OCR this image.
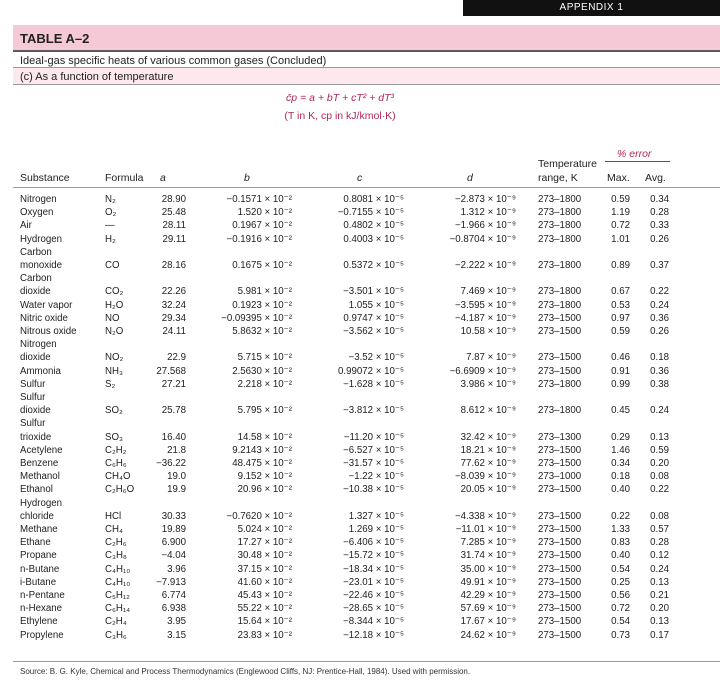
APPENDIX 1
TABLE A–2
Ideal-gas specific heats of various common gases (Concluded)
(c) As a function of temperature
c̄p = a + bT + cT² + dT³
(T in K, cp in kJ/kmol·K)
% error
Temperature
Substance	Formula a	b	c	d	range, K	Max. Avg.
Nitrogen	N₂	28.90	−0.1571 × 10⁻²	0.8081 × 10⁻⁵	−2.873 × 10⁻⁹ 273–1800	0.59	0.34
Oxygen	O₂	25.48	1.520 × 10⁻²	−0.7155 × 10⁻⁵	1.312 × 10⁻⁹ 273–1800	1.19	0.28
Air	—	28.11	0.1967 × 10⁻²	0.4802 × 10⁻⁵	−1.966 × 10⁻⁹ 273–1800	0.72	0.33
Hydrogen	H₂	29.11	−0.1916 × 10⁻²	0.4003 × 10⁻⁵	−0.8704 × 10⁻⁹ 273–1800	1.01	0.26
Carbon
monoxide	CO	28.16	0.1675 × 10⁻²	0.5372 × 10⁻⁵	−2.222 × 10⁻⁹ 273–1800	0.89	0.37
Carbon
dioxide	CO₂	22.26	5.981 × 10⁻²	−3.501 × 10⁻⁵	7.469 × 10⁻⁹ 273–1800	0.67	0.22
Water vapor	H₂O	32.24	0.1923 × 10⁻²	1.055 × 10⁻⁵	−3.595 × 10⁻⁹ 273–1800	0.53	0.24
Nitric oxide	NO	29.34	−0.09395 × 10⁻²	0.9747 × 10⁻⁵	−4.187 × 10⁻⁹ 273–1500	0.97	0.36
Nitrous oxide	N₂O	24.11	5.8632 × 10⁻²	−3.562 × 10⁻⁵	10.58 × 10⁻⁹ 273–1500	0.59	0.26
Nitrogen
dioxide	NO₂	22.9	5.715 × 10⁻²	−3.52 × 10⁻⁵	7.87 × 10⁻⁹ 273–1500	0.46	0.18
Ammonia	NH₃	27.568	2.5630 × 10⁻²	0.99072 × 10⁻⁵	−6.6909 × 10⁻⁹ 273–1500	0.91	0.36
Sulfur	S₂	27.21	2.218 × 10⁻²	−1.628 × 10⁻⁵	3.986 × 10⁻⁹ 273–1800	0.99	0.38
Sulfur
dioxide	SO₂	25.78	5.795 × 10⁻²	−3.812 × 10⁻⁵	8.612 × 10⁻⁹ 273–1800	0.45	0.24
Sulfur
trioxide	SO₃	16.40	14.58 × 10⁻²	−11.20 × 10⁻⁵	32.42 × 10⁻⁹ 273–1300	0.29	0.13
Acetylene	C₂H₂	21.8	9.2143 × 10⁻²	−6.527 × 10⁻⁵	18.21 × 10⁻⁹ 273–1500	1.46	0.59
Benzene	C₆H₆	−36.22	48.475 × 10⁻²	−31.57 × 10⁻⁵	77.62 × 10⁻⁹ 273–1500	0.34	0.20
Methanol	CH₄O	19.0	9.152 × 10⁻²	−1.22 × 10⁻⁵	−8.039 × 10⁻⁹ 273–1000	0.18	0.08
Ethanol	C₂H₆O	19.9	20.96 × 10⁻²	−10.38 × 10⁻⁵	20.05 × 10⁻⁹ 273–1500	0.40	0.22
Hydrogen
chloride	HCl	30.33	−0.7620 × 10⁻²	1.327 × 10⁻⁵	−4.338 × 10⁻⁹ 273–1500	0.22	0.08
Methane	CH₄	19.89	5.024 × 10⁻²	1.269 × 10⁻⁵	−11.01 × 10⁻⁹ 273–1500	1.33	0.57
Ethane	C₂H₆	6.900	17.27 × 10⁻²	−6.406 × 10⁻⁵	7.285 × 10⁻⁹ 273–1500	0.83	0.28
Propane	C₃H₈	−4.04	30.48 × 10⁻²	−15.72 × 10⁻⁵	31.74 × 10⁻⁹ 273–1500	0.40	0.12
n-Butane	C₄H₁₀	3.96	37.15 × 10⁻²	−18.34 × 10⁻⁵	35.00 × 10⁻⁹ 273–1500	0.54	0.24
i-Butane	C₄H₁₀	−7.913	41.60 × 10⁻²	−23.01 × 10⁻⁵	49.91 × 10⁻⁹ 273–1500	0.25	0.13
n-Pentane	C₅H₁₂	6.774	45.43 × 10⁻²	−22.46 × 10⁻⁵	42.29 × 10⁻⁹ 273–1500	0.56	0.21
n-Hexane	C₆H₁₄	6.938	55.22 × 10⁻²	−28.65 × 10⁻⁵	57.69 × 10⁻⁹ 273–1500	0.72	0.20
Ethylene	C₂H₄	3.95	15.64 × 10⁻²	−8.344 × 10⁻⁵	17.67 × 10⁻⁹ 273–1500	0.54	0.13
Propylene	C₃H₆	3.15	23.83 × 10⁻²	−12.18 × 10⁻⁵	24.62 × 10⁻⁹ 273–1500	0.73	0.17
Source: B. G. Kyle, Chemical and Process Thermodynamics (Englewood Cliffs, NJ: Prentice-Hall, 1984). Used with permission.
